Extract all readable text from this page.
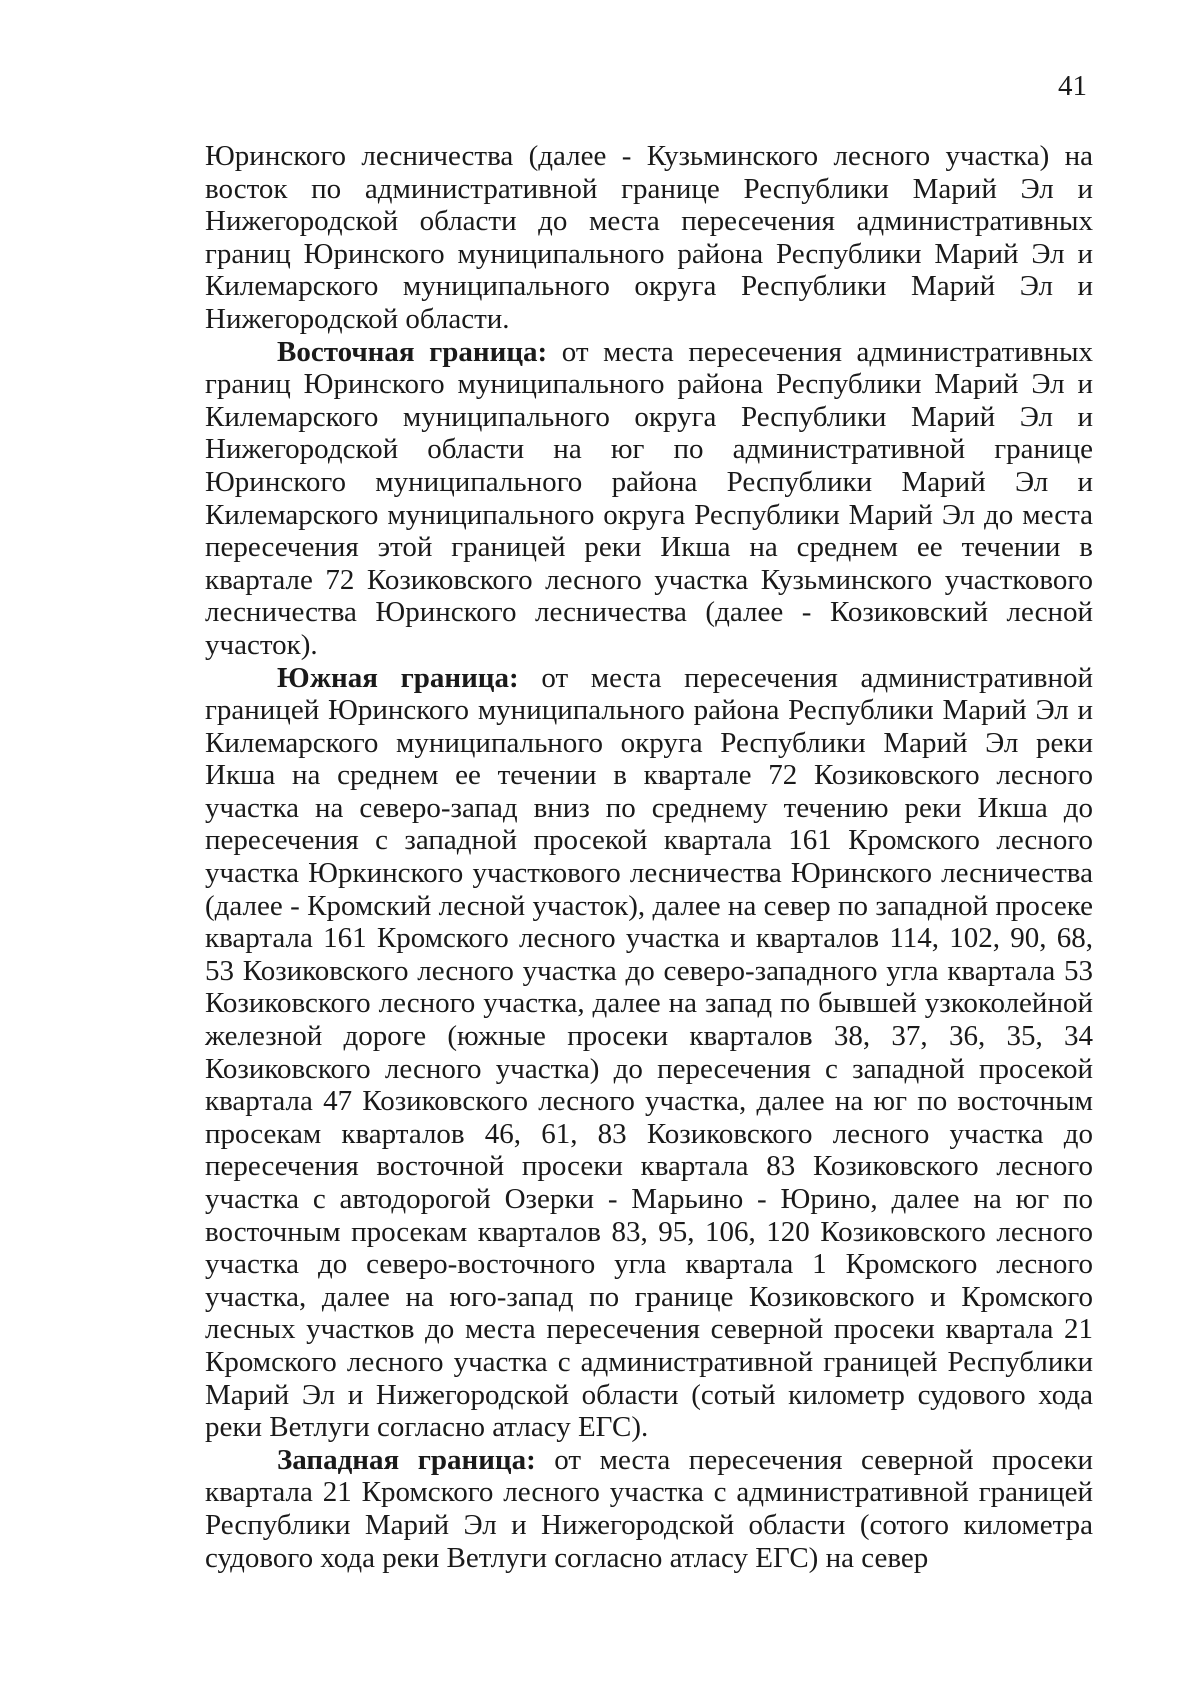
41

Юринского лесничества (далее - Кузьминского лесного участка) на восток по административной границе Республики Марий Эл и Нижегородской области до места пересечения административных границ Юринского муниципального района Республики Марий Эл и Килемарского муниципального округа Республики Марий Эл и Нижегородской области.

Восточная граница: от места пересечения административных границ Юринского муниципального района Республики Марий Эл и Килемарского муниципального округа Республики Марий Эл и Нижегородской области на юг по административной границе Юринского муниципального района Республики Марий Эл и Килемарского муниципального округа Республики Марий Эл до места пересечения этой границей реки Икша на среднем ее течении в квартале 72 Козиковского лесного участка Кузьминского участкового лесничества Юринского лесничества (далее - Козиковский лесной участок).

Южная граница: от места пересечения административной границей Юринского муниципального района Республики Марий Эл и Килемарского муниципального округа Республики Марий Эл реки Икша на среднем ее течении в квартале 72 Козиковского лесного участка на северо-запад вниз по среднему течению реки Икша до пересечения с западной просекой квартала 161 Кромского лесного участка Юркинского участкового лесничества Юринского лесничества (далее - Кромский лесной участок), далее на север по западной просеке квартала 161 Кромского лесного участка и кварталов 114, 102, 90, 68, 53 Козиковского лесного участка до северо-западного угла квартала 53 Козиковского лесного участка, далее на запад по бывшей узкоколейной железной дороге (южные просеки кварталов 38, 37, 36, 35, 34 Козиковского лесного участка) до пересечения с западной просекой квартала 47 Козиковского лесного участка, далее на юг по восточным просекам кварталов 46, 61, 83 Козиковского лесного участка до пересечения восточной просеки квартала 83 Козиковского лесного участка с автодорогой Озерки - Марьино - Юрино, далее на юг по восточным просекам кварталов 83, 95, 106, 120 Козиковского лесного участка до северо-восточного угла квартала 1 Кромского лесного участка, далее на юго-запад по границе Козиковского и Кромского лесных участков до места пересечения северной просеки квартала 21 Кромского лесного участка с административной границей Республики Марий Эл и Нижегородской области (сотый километр судового хода реки Ветлуги согласно атласу ЕГС).

Западная граница: от места пересечения северной просеки квартала 21 Кромского лесного участка с административной границей Республики Марий Эл и Нижегородской области (сотого километра судового хода реки Ветлуги согласно атласу ЕГС) на север
